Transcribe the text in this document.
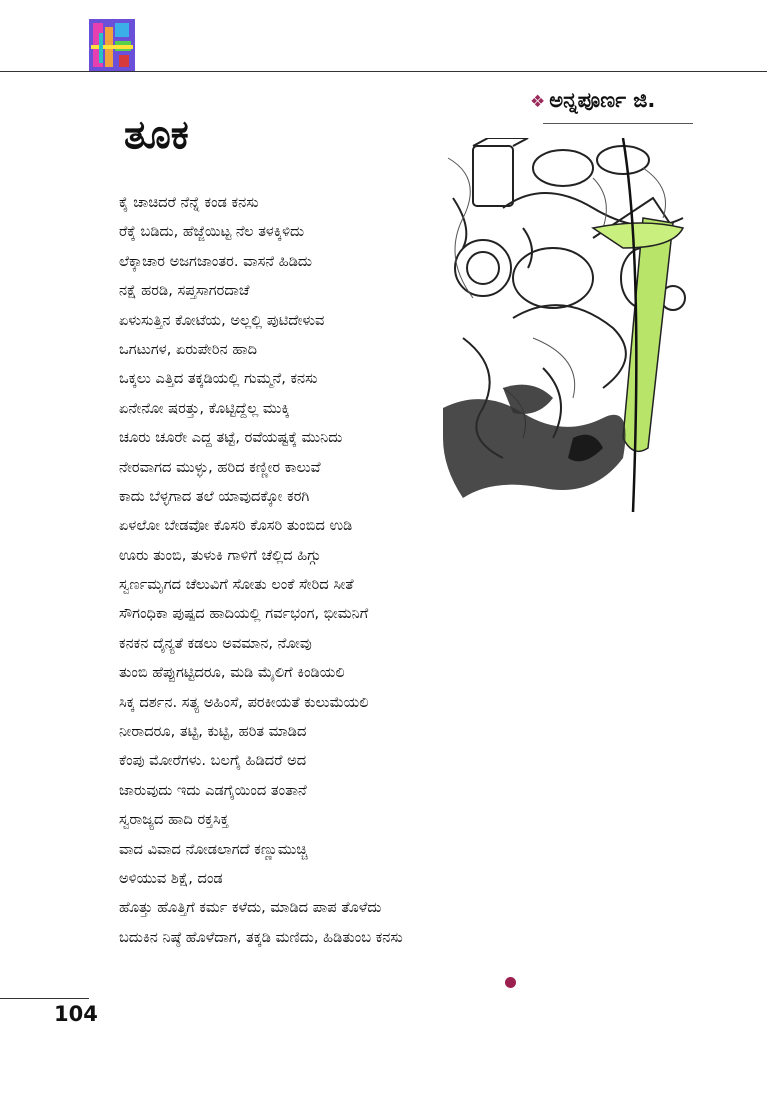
❖ ಅನ್ನಪೂರ್ಣ ಜಿ.
ತೂಕ
ಕೈ ಚಾಚಿದರೆ ನೆನ್ನೆ ಕಂಡ ಕನಸು
ರೆಕ್ಕೆ ಬಡಿದು, ಹೆಜ್ಜೆಯಿಟ್ಟ ನೆಲ ತಳಕ್ಕಿಳಿದು
ಲೆಕ್ಕಾಚಾರ ಅಜಗಜಾಂತರ. ವಾಸನೆ ಹಿಡಿದು
ನಕ್ಷೆ ಹರಡಿ, ಸಪ್ತಸಾಗರದಾಚೆ
ಏಳುಸುತ್ತಿನ ಕೋಟೆಯ, ಅಲ್ಲಲ್ಲಿ ಪುಟಿದೇಳುವ
ಒಗಟುಗಳ, ಏರುಪೇರಿನ ಹಾದಿ
ಒಕ್ಕಲು ಎತ್ತಿದ ತಕ್ಕಡಿಯಲ್ಲಿ ಗುಮ್ಮನೆ, ಕನಸು
ಏನೇನೋ ಷರತ್ತು, ಕೊಟ್ಟಿದ್ದೆಲ್ಲ ಮುಕ್ಕಿ
ಚೂರು ಚೂರೇ ಎದ್ದ ತಟ್ಟೆ, ರವೆಯಷ್ಟಕ್ಕೆ ಮುನಿದು
ನೇರವಾಗದ ಮುಳ್ಳು, ಹರಿದ ಕಣ್ಣೀರ ಕಾಲುವೆ
ಕಾದು ಬೆಳ್ಳಗಾದ ತಲೆ ಯಾವುದಕ್ಕೋ ಕರಗಿ
ಏಳಲೋ ಬೇಡವೋ ಕೊಸರಿ ಕೊಸರಿ ತುಂಬಿದ ಉಡಿ
ಊರು ತುಂಬಿ, ತುಳುಕಿ ಗಾಳಿಗೆ ಚೆಲ್ಲಿದ ಹಿಗ್ಗು
ಸ್ವರ್ಣಮೃಗದ ಚೆಲುವಿಗೆ ಸೋತು ಲಂಕೆ ಸೇರಿದ ಸೀತೆ
ಸೌಗಂಧಿಕಾ ಪುಷ್ಪದ ಹಾದಿಯಲ್ಲಿ ಗರ್ವಭಂಗ, ಭೀಮನಿಗೆ
ಕನಕನ ದೈನ್ಯತೆ ಕಡಲು ಅವಮಾನ, ನೋವು
ತುಂಬಿ ಹೆಪ್ಪುಗಟ್ಟಿದರೂ, ಮಡಿ ಮೈಲಿಗೆ ಕಿಂಡಿಯಲಿ
ಸಿಕ್ಕ ದರ್ಶನ. ಸತ್ಯ ಅಹಿಂಸೆ, ಪರಕೀಯತೆ ಕುಲುಮೆಯಲಿ
ನೀರಾದರೂ, ತಟ್ಟಿ, ಕುಟ್ಟಿ, ಹರಿತ ಮಾಡಿದ
ಕೆಂಪು ಮೋರೆಗಳು. ಬಲಗೈ ಹಿಡಿದರೆ ಅದ
ಜಾರುವುದು ಇದು ಎಡಗೈಯಿಂದ ತಂತಾನೆ
ಸ್ವರಾಜ್ಯದ ಹಾದಿ ರಕ್ತಸಿಕ್ತ
ವಾದ ವಿವಾದ ನೋಡಲಾಗದೆ ಕಣ್ಣುಮುಚ್ಚಿ
ಅಳಿಯುವ ಶಿಕ್ಷೆ, ದಂಡ
ಹೊತ್ತು ಹೊತ್ತಿಗೆ ಕರ್ಮ ಕಳೆದು, ಮಾಡಿದ ಪಾಪ ತೊಳೆದು
ಬದುಕಿನ ನಿಷ್ಠೆ ಹೊಳೆದಾಗ, ತಕ್ಕಡಿ ಮಣಿದು, ಹಿಡಿತುಂಬ ಕನಸು
104
